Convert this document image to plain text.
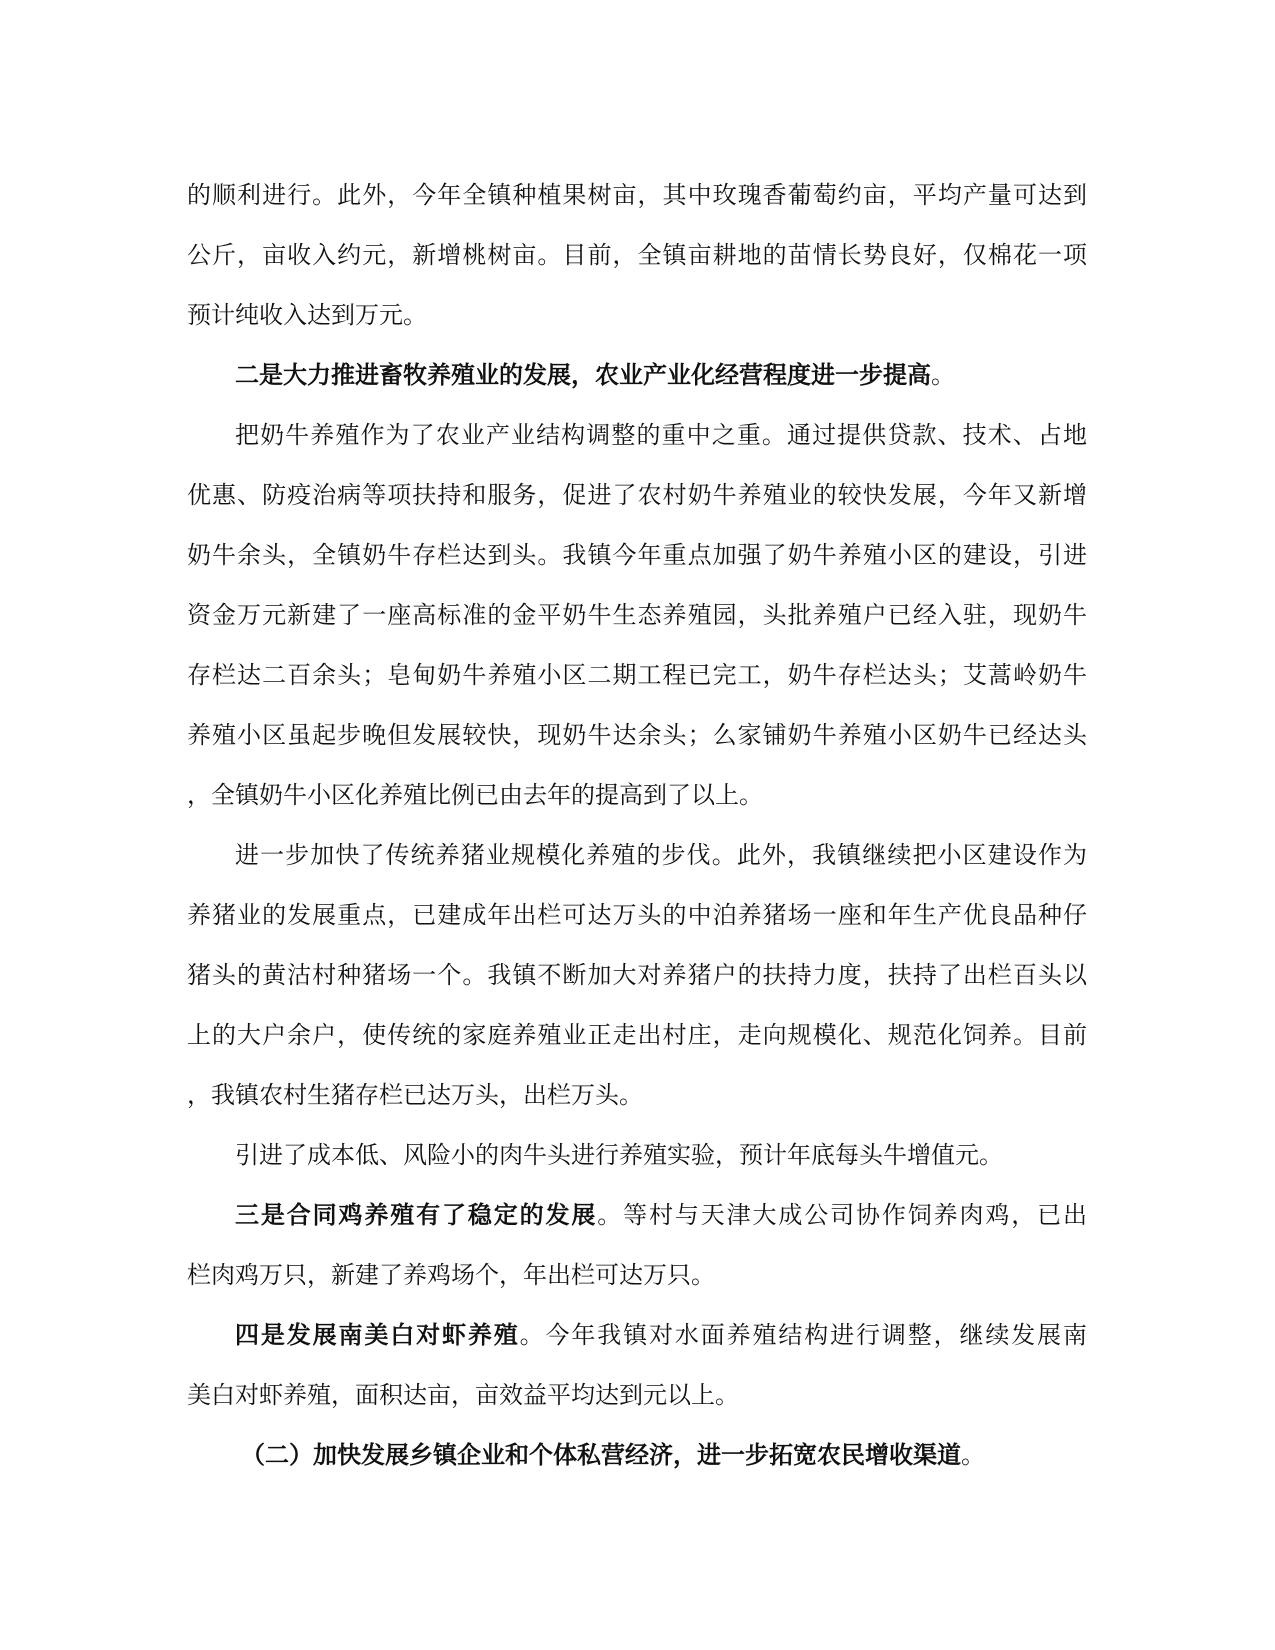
的顺利进行。此外，今年全镇种植果树亩，其中玫瑰香葡萄约亩，平均产量可达到
公斤，亩收入约元，新增桃树亩。目前，全镇亩耕地的苗情长势良好，仅棉花一项
预计纯收入达到万元。
二是大力推进畜牧养殖业的发展，农业产业化经营程度进一步提高。
把奶牛养殖作为了农业产业结构调整的重中之重。通过提供贷款、技术、占地
优惠、防疫治病等项扶持和服务，促进了农村奶牛养殖业的较快发展，今年又新增
奶牛余头，全镇奶牛存栏达到头。我镇今年重点加强了奶牛养殖小区的建设，引进
资金万元新建了一座高标准的金平奶牛生态养殖园，头批养殖户已经入驻，现奶牛
存栏达二百余头；皂甸奶牛养殖小区二期工程已完工，奶牛存栏达头；艾蒿岭奶牛
养殖小区虽起步晚但发展较快，现奶牛达余头；么家铺奶牛养殖小区奶牛已经达头
，全镇奶牛小区化养殖比例已由去年的提高到了以上。
进一步加快了传统养猪业规模化养殖的步伐。此外，我镇继续把小区建设作为
养猪业的发展重点，已建成年出栏可达万头的中泊养猪场一座和年生产优良品种仔
猪头的黄沽村种猪场一个。我镇不断加大对养猪户的扶持力度，扶持了出栏百头以
上的大户余户，使传统的家庭养殖业正走出村庄，走向规模化、规范化饲养。目前
，我镇农村生猪存栏已达万头，出栏万头。
引进了成本低、风险小的肉牛头进行养殖实验，预计年底每头牛增值元。
三是合同鸡养殖有了稳定的发展。等村与天津大成公司协作饲养肉鸡，已出
栏肉鸡万只，新建了养鸡场个，年出栏可达万只。
四是发展南美白对虾养殖。今年我镇对水面养殖结构进行调整，继续发展南
美白对虾养殖，面积达亩，亩效益平均达到元以上。
（二）加快发展乡镇企业和个体私营经济，进一步拓宽农民增收渠道。
